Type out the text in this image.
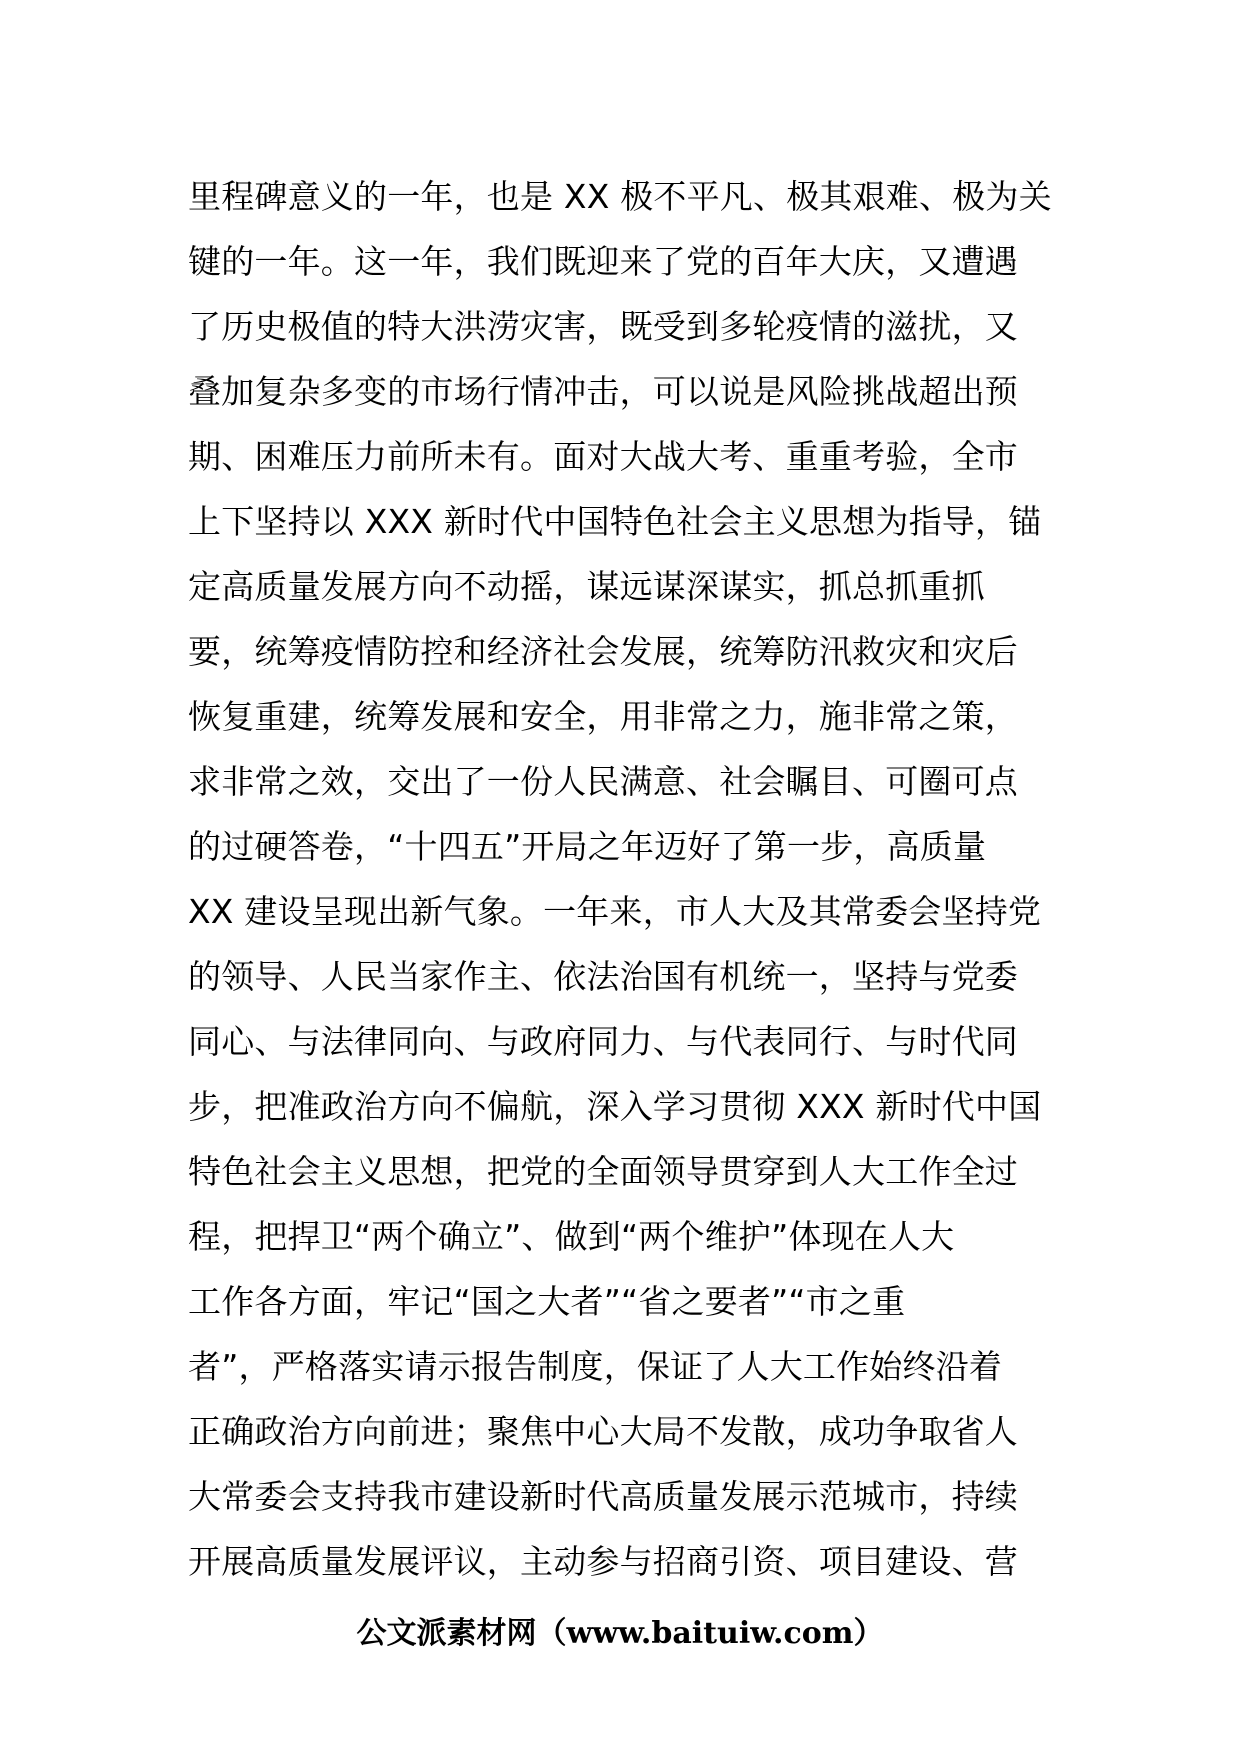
里程碑意义的一年，也是 XX 极不平凡、极其艰难、极为关
键的一年。这一年，我们既迎来了党的百年大庆，又遭遇
了历史极值的特大洪涝灾害，既受到多轮疫情的滋扰，又
叠加复杂多变的市场行情冲击，可以说是风险挑战超出预
期、困难压力前所未有。面对大战大考、重重考验，全市
上下坚持以 XXX 新时代中国特色社会主义思想为指导，锚
定高质量发展方向不动摇，谋远谋深谋实，抓总抓重抓
要，统筹疫情防控和经济社会发展，统筹防汛救灾和灾后
恢复重建，统筹发展和安全，用非常之力，施非常之策，
求非常之效，交出了一份人民满意、社会瞩目、可圈可点
的过硬答卷，“十四五”开局之年迈好了第一步，高质量
XX 建设呈现出新气象。一年来，市人大及其常委会坚持党
的领导、人民当家作主、依法治国有机统一，坚持与党委
同心、与法律同向、与政府同力、与代表同行、与时代同
步，把准政治方向不偏航，深入学习贯彻 XXX 新时代中国
特色社会主义思想，把党的全面领导贯穿到人大工作全过
程，把捍卫“两个确立”、做到“两个维护”体现在人大
工作各方面，牢记“国之大者”“省之要者”“市之重
者”，严格落实请示报告制度，保证了人大工作始终沿着
正确政治方向前进；聚焦中心大局不发散，成功争取省人
大常委会支持我市建设新时代高质量发展示范城市，持续
开展高质量发展评议，主动参与招商引资、项目建设、营
公文派素材网（www.baituiw.com）
